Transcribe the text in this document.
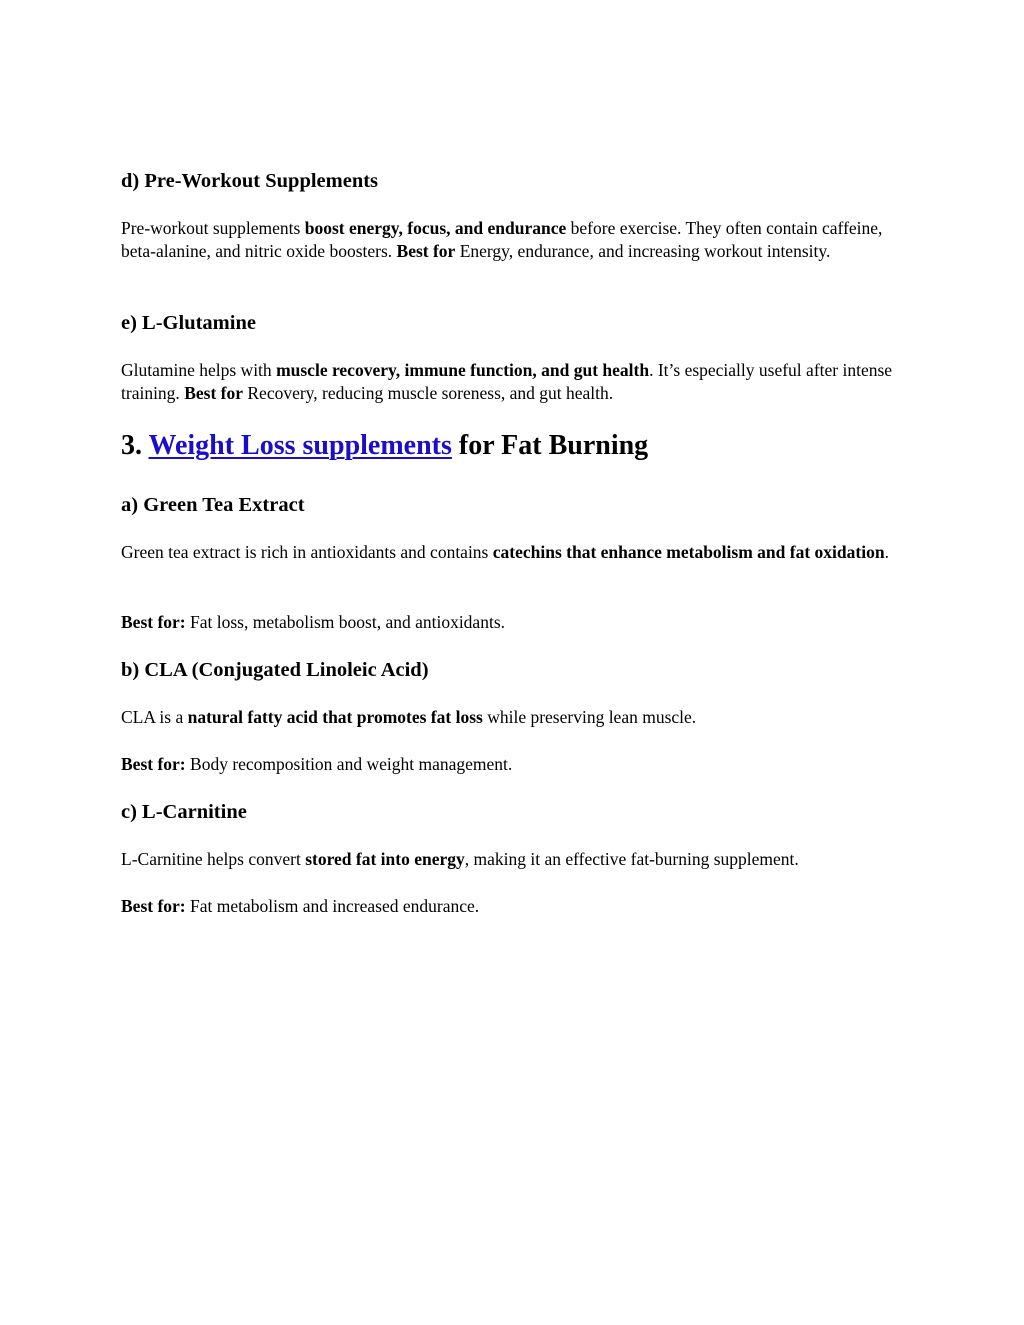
d) Pre-Workout Supplements

Pre-workout supplements boost energy, focus, and endurance before exercise. They often contain caffeine, beta-alanine, and nitric oxide boosters. Best for Energy, endurance, and increasing workout intensity.

e) L-Glutamine

Glutamine helps with muscle recovery, immune function, and gut health. It’s especially useful after intense training. Best for Recovery, reducing muscle soreness, and gut health.

3. Weight Loss supplements for Fat Burning
a) Green Tea Extract

Green tea extract is rich in antioxidants and contains catechins that enhance metabolism and fat oxidation.

Best for: Fat loss, metabolism boost, and antioxidants.

b) CLA (Conjugated Linoleic Acid)

CLA is a natural fatty acid that promotes fat loss while preserving lean muscle.

Best for: Body recomposition and weight management.

c) L-Carnitine

L-Carnitine helps convert stored fat into energy, making it an effective fat-burning supplement.

Best for: Fat metabolism and increased endurance.
